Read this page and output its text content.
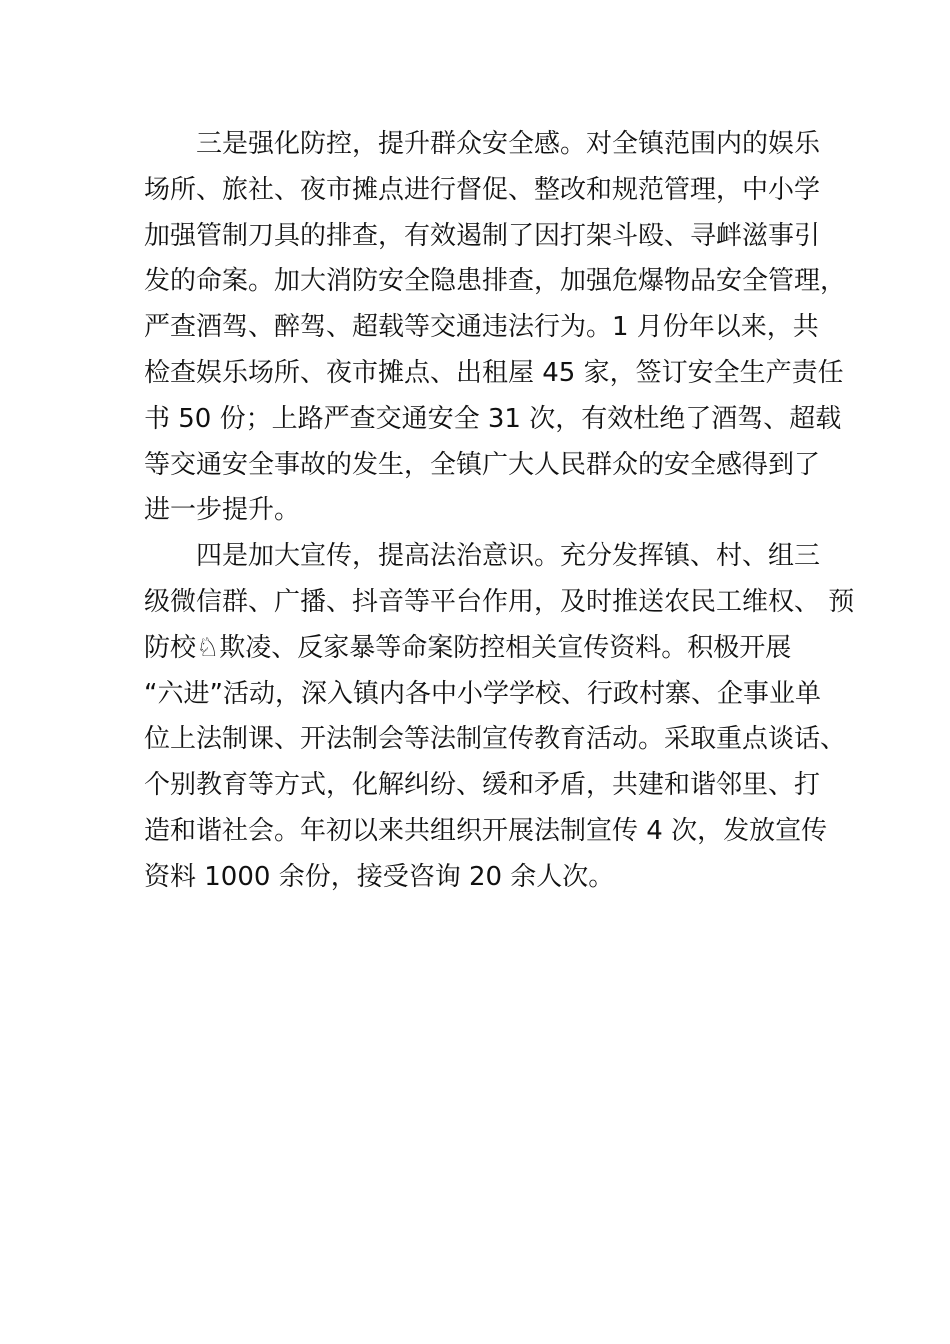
三是强化防控，提升群众安全感。对全镇范围内的娱乐
场所、旅社、夜市摊点进行督促、整改和规范管理，中小学
加强管制刀具的排查，有效遏制了因打架斗殴、寻衅滋事引
发的命案。加大消防安全隐患排查，加强危爆物品安全管理，
严查酒驾、醉驾、超载等交通违法行为。1 月份年以来，共
检查娱乐场所、夜市摊点、出租屋 45 家，签订安全生产责任
书 50 份；上路严查交通安全 31 次，有效杜绝了酒驾、超载
等交通安全事故的发生，全镇广大人民群众的安全感得到了
进一步提升。
四是加大宣传，提高法治意识。充分发挥镇、村、组三
级微信群、广播、抖音等平台作用，及时推送农民工维权、 预
防校♘欺凌、反家暴等命案防控相关宣传资料。积极开展
“六进”活动，深入镇内各中小学学校、行政村寨、企事业单
位上法制课、开法制会等法制宣传教育活动。采取重点谈话、
个别教育等方式，化解纠纷、缓和矛盾，共建和谐邻里、打
造和谐社会。年初以来共组织开展法制宣传 4 次，发放宣传
资料 1000 余份，接受咨询 20 余人次。
